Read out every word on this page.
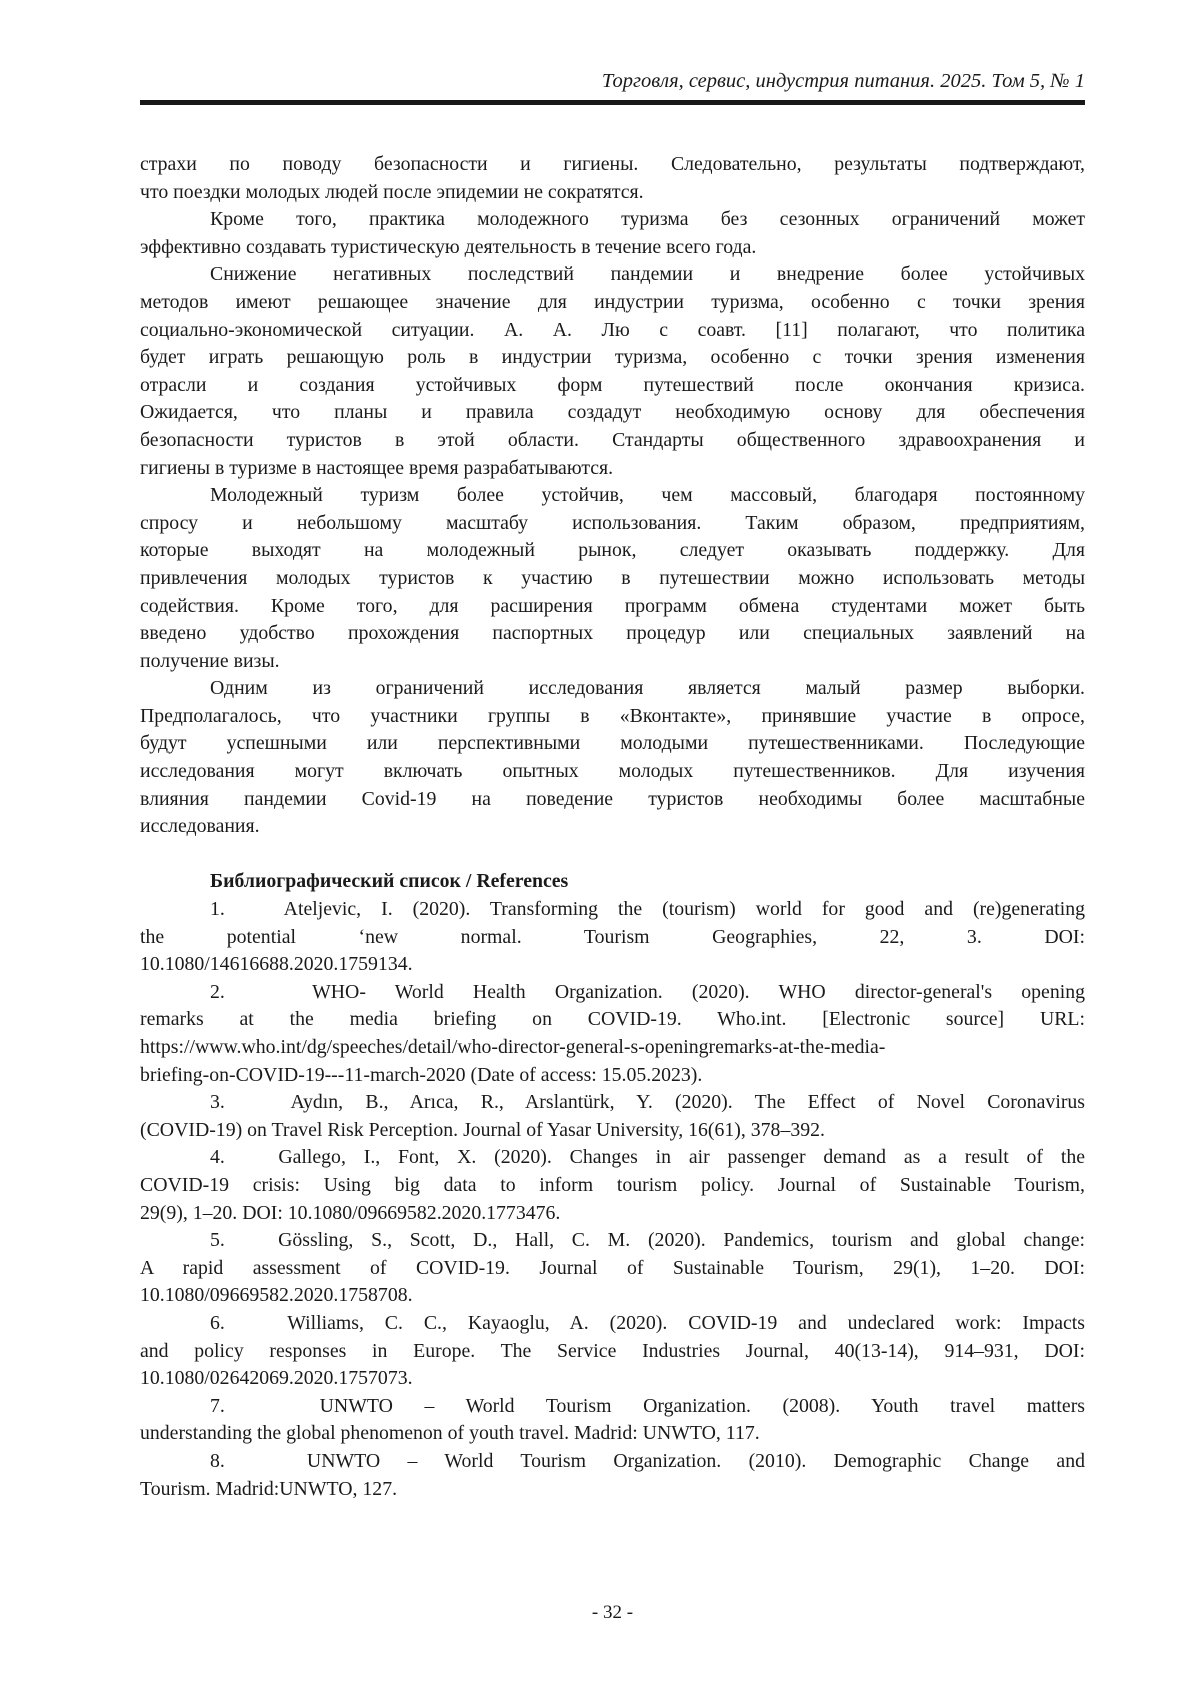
Торговля, сервис, индустрия питания. 2025. Том 5, № 1
страхи по поводу безопасности и гигиены. Следовательно, результаты подтверждают,
что поездки молодых людей после эпидемии не сократятся.
Кроме того, практика молодежного туризма без сезонных ограничений может
эффективно создавать туристическую деятельность в течение всего года.
Снижение негативных последствий пандемии и внедрение более устойчивых
методов имеют решающее значение для индустрии туризма, особенно с точки зрения
социально-экономической ситуации. А. А. Лю с соавт. [11] полагают, что политика
будет играть решающую роль в индустрии туризма, особенно с точки зрения изменения
отрасли и создания устойчивых форм путешествий после окончания кризиса.
Ожидается, что планы и правила создадут необходимую основу для обеспечения
безопасности туристов в этой области. Стандарты общественного здравоохранения и
гигиены в туризме в настоящее время разрабатываются.
Молодежный туризм более устойчив, чем массовый, благодаря постоянному
спросу и небольшому масштабу использования. Таким образом, предприятиям,
которые выходят на молодежный рынок, следует оказывать поддержку. Для
привлечения молодых туристов к участию в путешествии можно использовать методы
содействия. Кроме того, для расширения программ обмена студентами может быть
введено удобство прохождения паспортных процедур или специальных заявлений на
получение визы.
Одним из ограничений исследования является малый размер выборки.
Предполагалось, что участники группы в «Вконтакте», принявшие участие в опросе,
будут успешными или перспективными молодыми путешественниками. Последующие
исследования могут включать опытных молодых путешественников. Для изучения
влияния пандемии Covid-19 на поведение туристов необходимы более масштабные
исследования.
Библиографический список / References
1.   Ateljevic, I. (2020). Transforming the (tourism) world for good and (re)generating
the potential ‘new normal. Tourism Geographies, 22, 3. DOI:
10.1080/14616688.2020.1759134.
2.   WHO- World Health Organization. (2020). WHO director-general's opening
remarks at the media briefing on COVID-19. Who.int. [Electronic source] URL:
https://www.who.int/dg/speeches/detail/who-director-general-s-openingremarks-at-the-media-
briefing-on-COVID-19---11-march-2020 (Date of access: 15.05.2023).
3.   Aydın, B., Arıca, R., Arslantürk, Y. (2020). The Effect of Novel Coronavirus
(COVID-19) on Travel Risk Perception. Journal of Yasar University, 16(61), 378–392.
4.   Gallego, I., Font, X. (2020). Changes in air passenger demand as a result of the
COVID-19 crisis: Using big data to inform tourism policy. Journal of Sustainable Tourism,
29(9), 1–20. DOI: 10.1080/09669582.2020.1773476.
5.   Gössling, S., Scott, D., Hall, C. M. (2020). Pandemics, tourism and global change:
A rapid assessment of COVID-19. Journal of Sustainable Tourism, 29(1), 1–20. DOI:
10.1080/09669582.2020.1758708.
6.   Williams, C. C., Kayaoglu, A. (2020). COVID-19 and undeclared work: Impacts
and policy responses in Europe. The Service Industries Journal, 40(13-14), 914–931, DOI:
10.1080/02642069.2020.1757073.
7.   UNWTO – World Tourism Organization. (2008). Youth travel matters
understanding the global phenomenon of youth travel. Madrid: UNWTO, 117.
8.   UNWTO – World Tourism Organization. (2010). Demographic Change and
Tourism. Madrid:UNWTO, 127.
- 32 -
